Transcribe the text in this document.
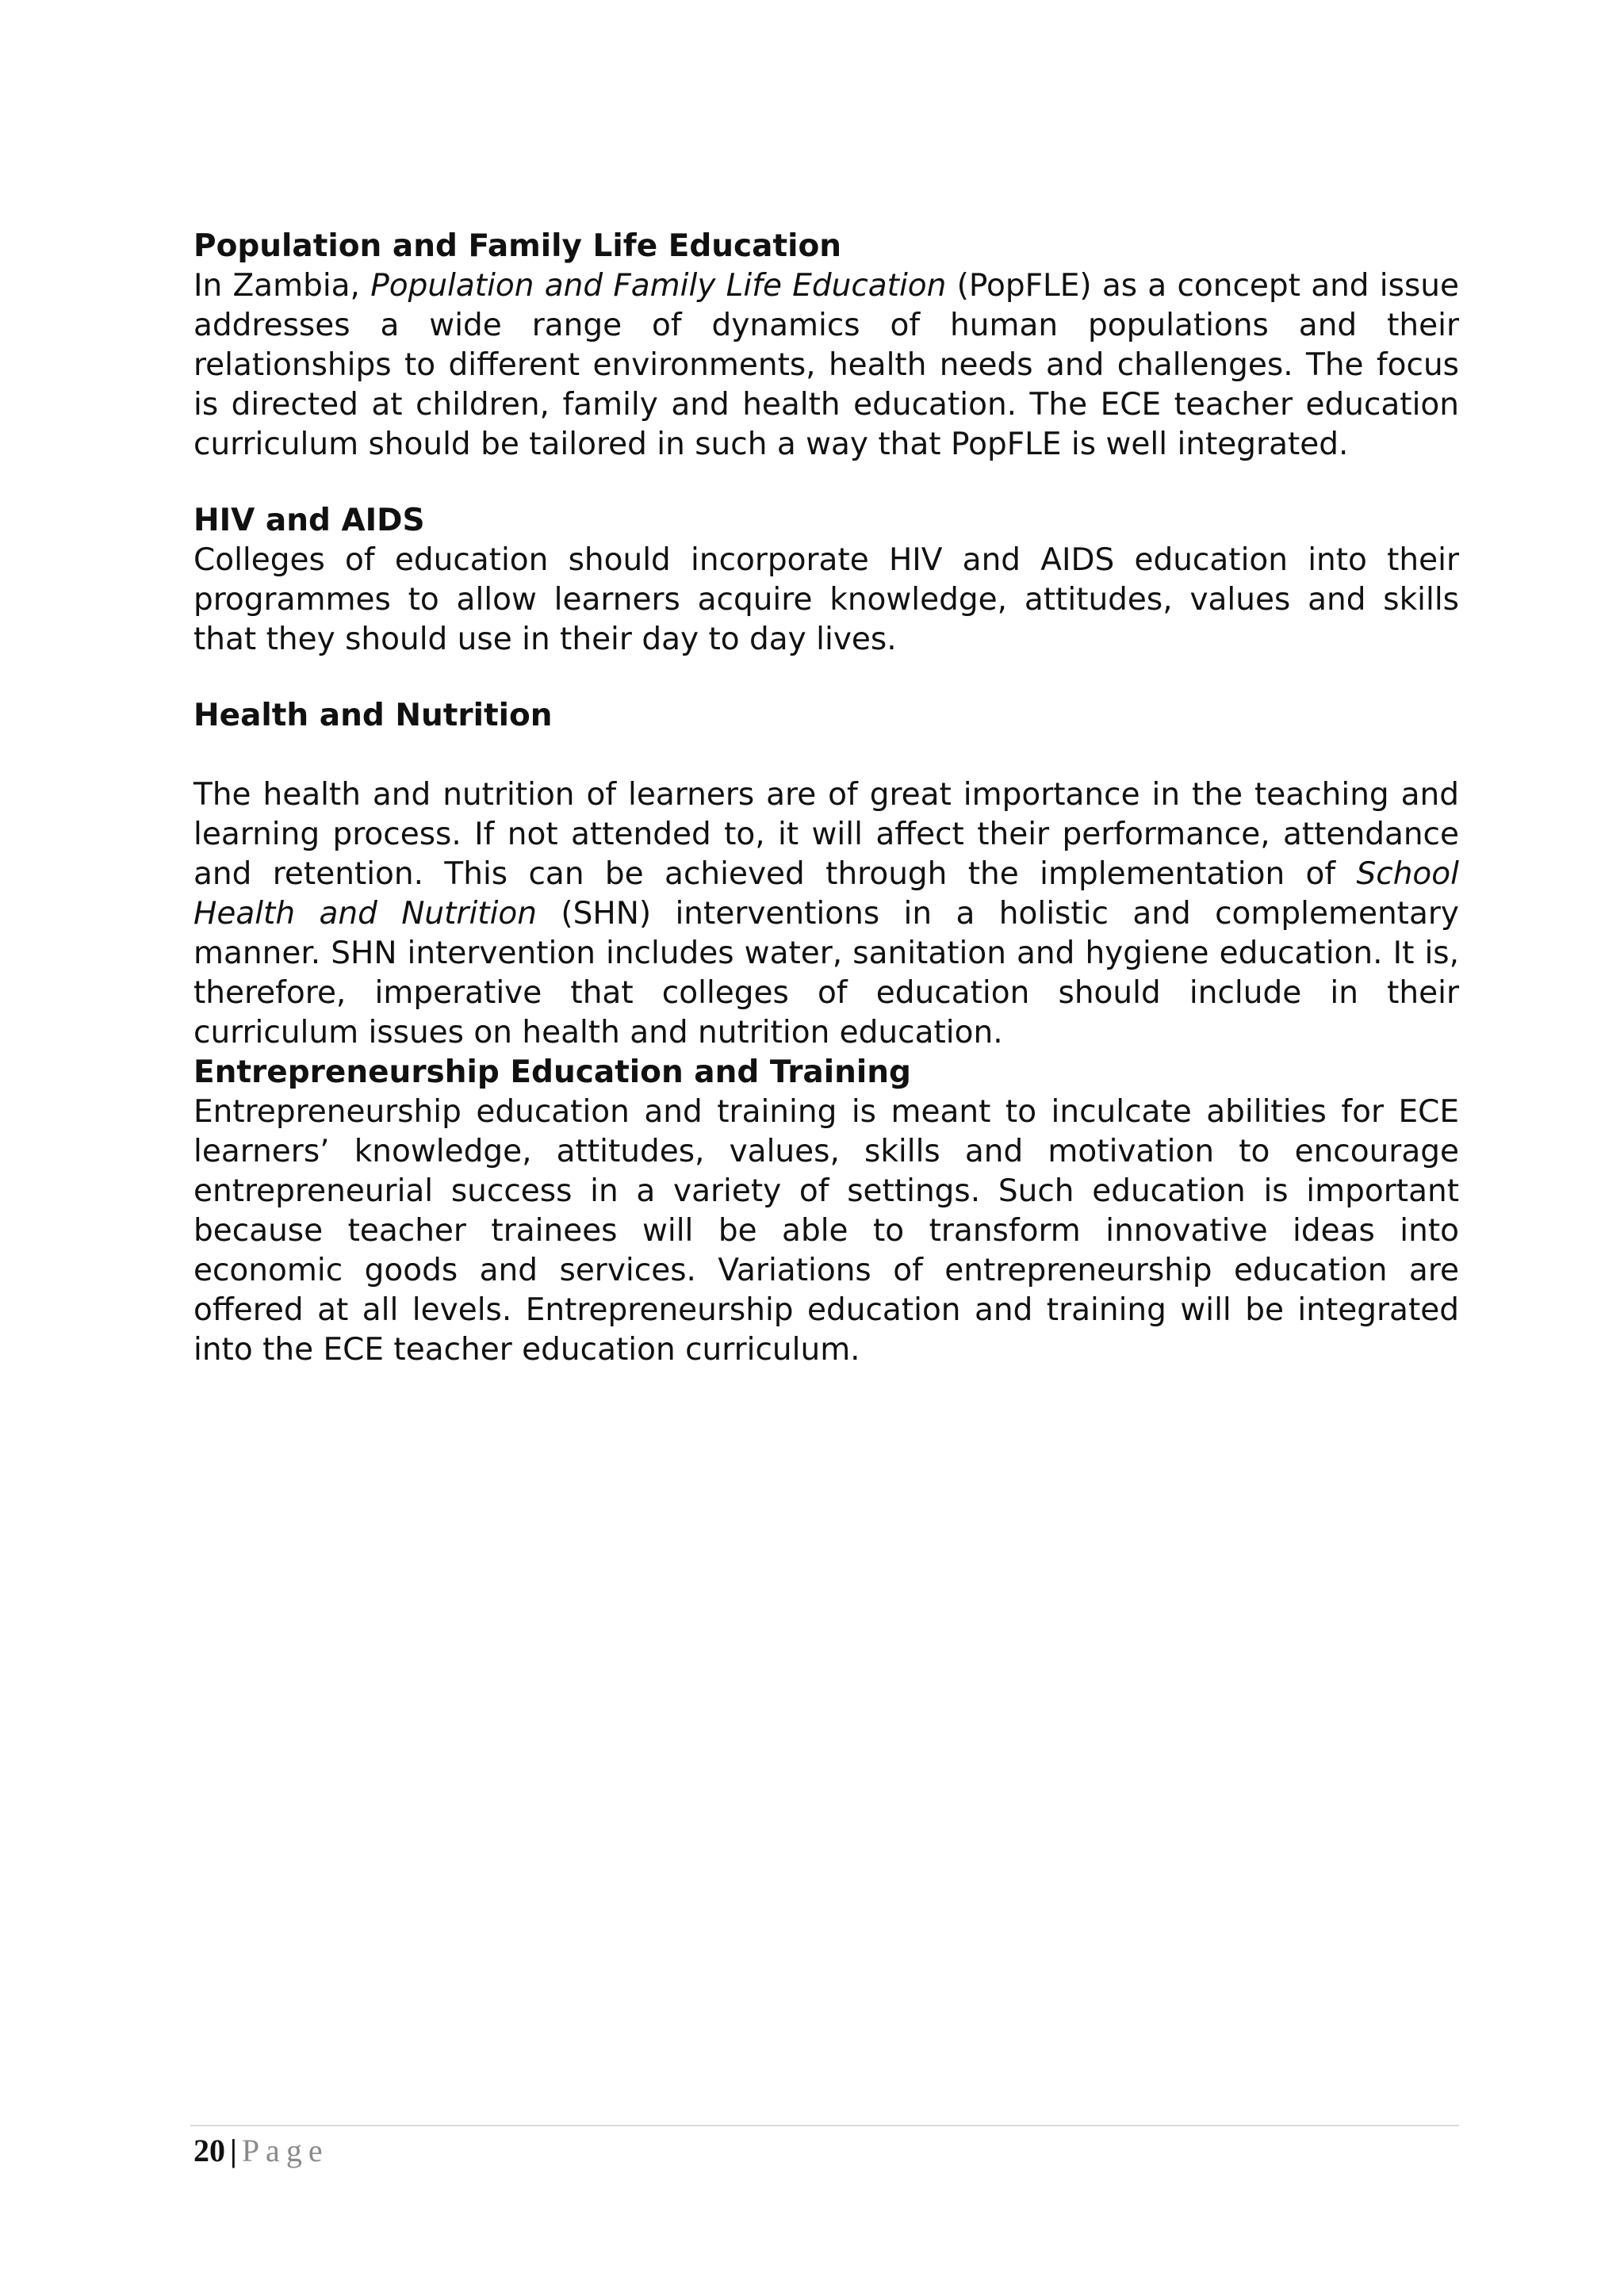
Population and Family Life Education

In Zambia, Population and Family Life Education (PopFLE) as a concept and issue addresses a wide range of dynamics of human populations and their relationships to different environments, health needs and challenges. The focus is directed at children, family and health education. The ECE teacher education curriculum should be tailored in such a way that PopFLE is well integrated.

HIV and AIDS

Colleges of education should incorporate HIV and AIDS education into their programmes to allow learners acquire knowledge, attitudes, values and skills that they should use in their day to day lives.

Health and Nutrition

The health and nutrition of learners are of great importance in the teaching and learning process. If not attended to, it will affect their performance, attendance and retention. This can be achieved through the implementation of School Health and Nutrition (SHN) interventions in a holistic and complementary manner. SHN intervention includes water, sanitation and hygiene education. It is, therefore, imperative that colleges of education should include in their curriculum issues on health and nutrition education.

Entrepreneurship Education and Training

Entrepreneurship education and training is meant to inculcate abilities for ECE learners’ knowledge, attitudes, values, skills and motivation to encourage entrepreneurial success in a variety of settings. Such education is important because teacher trainees will be able to transform innovative ideas into economic goods and services. Variations of entrepreneurship education are offered at all levels. Entrepreneurship education and training will be integrated into the ECE teacher education curriculum.

20 | Page
